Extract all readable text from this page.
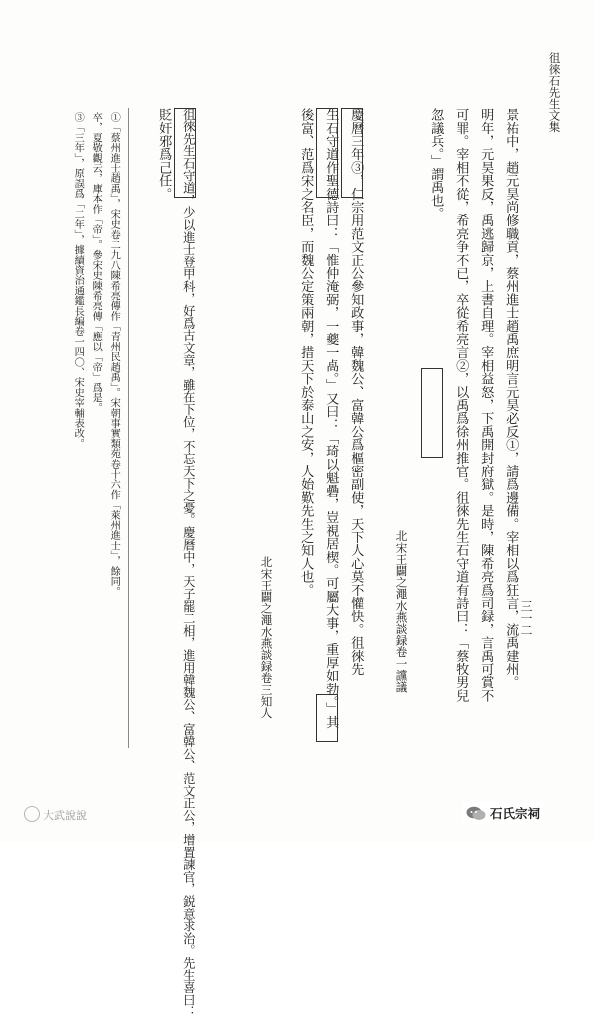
徂徠石先生文集
三一二
景祐中，趙元昊尚修職貢，蔡州進士趙禹庶明言元昊必反①，請爲邊備。宰相以爲狂言，流禹建州。
明年，元昊果反，禹逃歸京，上書自理。宰相益怒，下禹開封府獄。是時，陳希亮爲司録，言禹可賞不
可罪。宰相不從，希亮争不已，卒從希亮言②，以禹爲徐州推官。徂徠先生石守道有詩曰：「蔡牧男兒
忽議兵。」謂禹也。
北宋王闢之澠水燕談録卷一讜議
慶曆三年③，仁宗用范文正公參知政事，韓魏公、富韓公爲樞密副使，天下人心莫不懽快。徂徠先
生石守道作聖德詩曰：「惟仲淹弼，一夔一卨。」又曰：「琦以魁礨，豈視居楔。可屬大事，重厚如勃。」其
後富、范爲宋之名臣，而魏公定策兩朝，措天下於泰山之安，人始歎先生之知人也。
北宋王闢之澠水燕談録卷三知人
徂徠先生石守道，少以進士登甲科，好爲古文章，雖在下位，不忘天下之憂。慶曆中，天子罷二相，進用韓魏公、富韓公、范文正公，增置諫官，鋭意求治。先生喜曰：
貶奸邪爲己任。
①「蔡州進士趙禹」，宋史卷二九八陳希亮傳作「青州民趙禹」。宋朝事實類苑卷十六作「萊州進士」，餘同。
卒，夏敬觀云，庫本作「帝」。參宋史陳希亮傳「應以「帝」爲是。
③「三年」，原誤爲「二年」，據續資治通鑑長編卷一四〇、宋史宰輔表改。
大武說說	石氏宗祠
